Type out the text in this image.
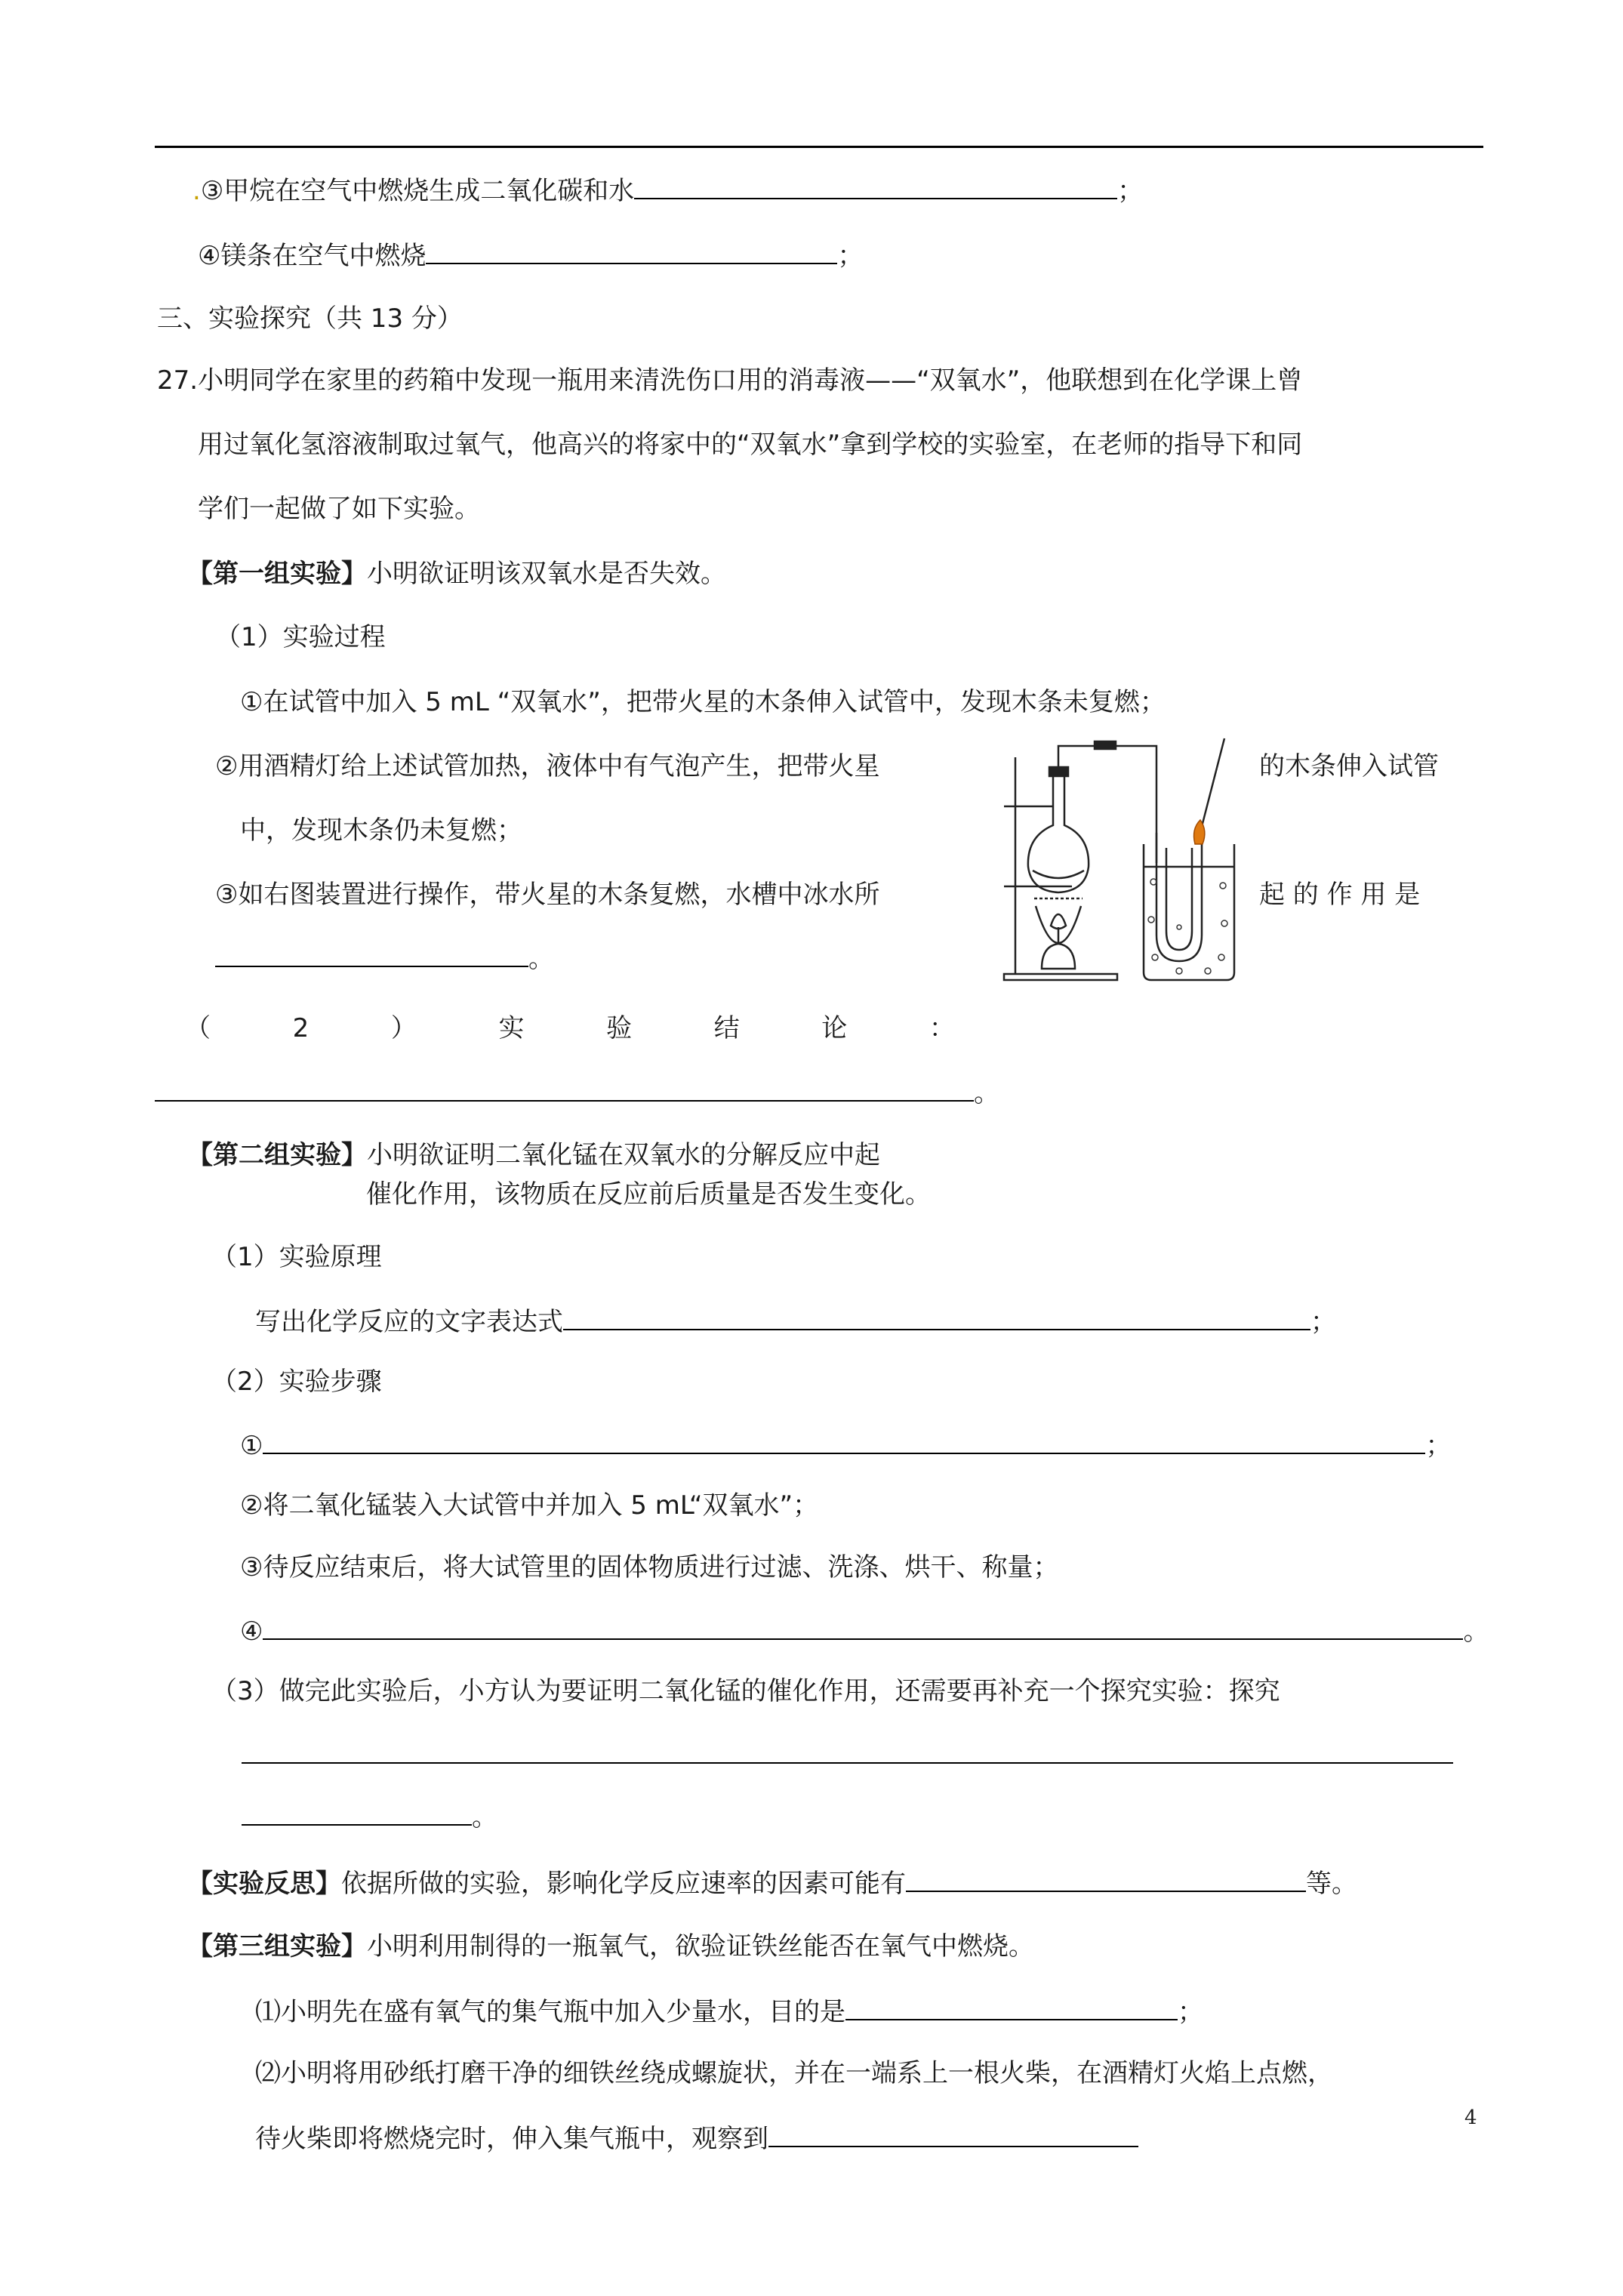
.③甲烷在空气中燃烧生成二氧化碳和水	；
④镁条在空气中燃烧	；
三、实验探究（共 13 分）
27.小明同学在家里的药箱中发现一瓶用来清洗伤口用的消毒液——“双氧水”，他联想到在化学课上曾
用过氧化氢溶液制取过氧气，他高兴的将家中的“双氧水”拿到学校的实验室，在老师的指导下和同
学们一起做了如下实验。
【第一组实验】小明欲证明该双氧水是否失效。
（1）实验过程
①在试管中加入 5 mL “双氧水”，把带火星的木条伸入试管中，发现木条未复燃；
②用酒精灯给上述试管加热，液体中有气泡产生，把带火星	的木条伸入试管
中，发现木条仍未复燃；
③如右图装置进行操作，带火星的木条复燃，水槽中冰水所	起 的 作 用 是
。
（	2	）	实	验	结	论	：
。
【第二组实验】小明欲证明二氧化锰在双氧水的分解反应中起
催化作用，该物质在反应前后质量是否发生变化。
（1）实验原理
写出化学反应的文字表达式	；
（2）实验步骤
①	；
②将二氧化锰装入大试管中并加入 5 mL“双氧水”；
③待反应结束后，将大试管里的固体物质进行过滤、洗涤、烘干、称量；
④	。
（3）做完此实验后，小方认为要证明二氧化锰的催化作用，还需要再补充一个探究实验：探究
。
【实验反思】依据所做的实验，影响化学反应速率的因素可能有	等。
【第三组实验】小明利用制得的一瓶氧气，欲验证铁丝能否在氧气中燃烧。
⑴小明先在盛有氧气的集气瓶中加入少量水，目的是	；
⑵小明将用砂纸打磨干净的细铁丝绕成螺旋状，并在一端系上一根火柴，在酒精灯火焰上点燃，
待火柴即将燃烧完时，伸入集气瓶中，观察到
4
